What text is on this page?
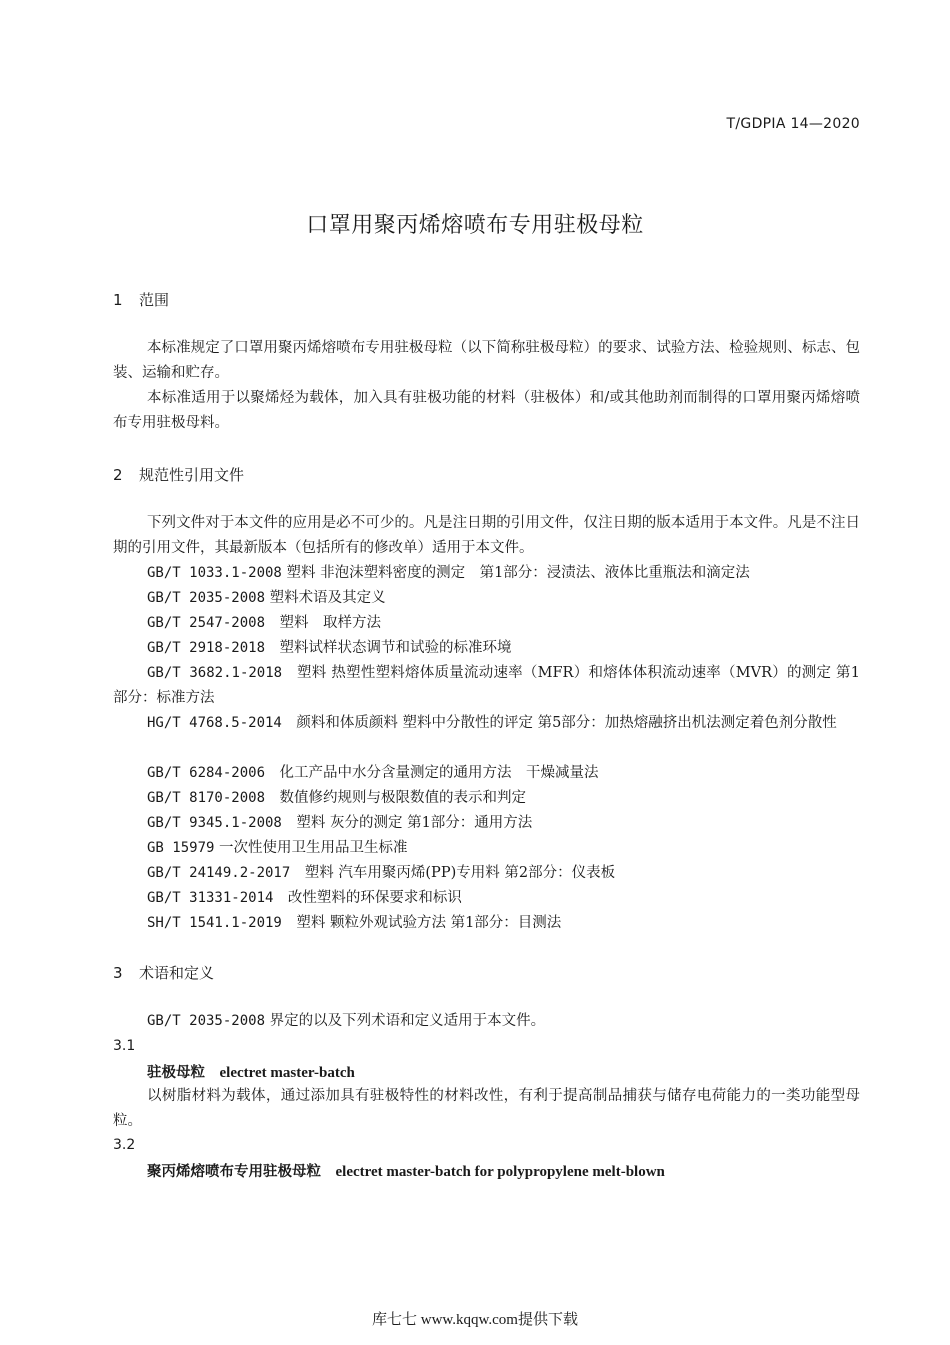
T/GDPIA 14—2020
口罩用聚丙烯熔喷布专用驻极母粒
1 范围

本标准规定了口罩用聚丙烯熔喷布专用驻极母粒（以下简称驻极母粒）的要求、试验方法、检验规则、标志、包装、运输和贮存。

本标准适用于以聚烯烃为载体，加入具有驻极功能的材料（驻极体）和/或其他助剂而制得的口罩用聚丙烯熔喷布专用驻极母料。

2 规范性引用文件

下列文件对于本文件的应用是必不可少的。凡是注日期的引用文件，仅注日期的版本适用于本文件。凡是不注日期的引用文件，其最新版本（包括所有的修改单）适用于本文件。

GB/T 1033.1-2008 塑料 非泡沫塑料密度的测定　第1部分：浸渍法、液体比重瓶法和滴定法

GB/T 2035-2008 塑料术语及其定义

GB/T 2547-2008　塑料　取样方法

GB/T 2918-2018　塑料试样状态调节和试验的标准环境

GB/T 3682.1-2018　塑料 热塑性塑料熔体质量流动速率（MFR）和熔体体积流动速率（MVR）的测定 第1部分：标准方法

HG/T 4768.5-2014　颜料和体质颜料 塑料中分散性的评定 第5部分：加热熔融挤出机法测定着色剂分散性

GB/T 6284-2006　化工产品中水分含量测定的通用方法　干燥减量法

GB/T 8170-2008　数值修约规则与极限数值的表示和判定

GB/T 9345.1-2008　塑料 灰分的测定 第1部分：通用方法

GB 15979 一次性使用卫生用品卫生标准

GB/T 24149.2-2017　塑料 汽车用聚丙烯(PP)专用料 第2部分：仪表板

GB/T 31331-2014　改性塑料的环保要求和标识

SH/T 1541.1-2019　塑料 颗粒外观试验方法 第1部分：目测法

3 术语和定义

GB/T 2035-2008 界定的以及下列术语和定义适用于本文件。

3.1
驻极母粒  electret master-batch

以树脂材料为载体，通过添加具有驻极特性的材料改性，有利于提高制品捕获与储存电荷能力的一类功能型母粒。

3.2
聚丙烯熔喷布专用驻极母粒  electret master-batch for polypropylene melt-blown
库七七 www.kqqw.com提供下载
